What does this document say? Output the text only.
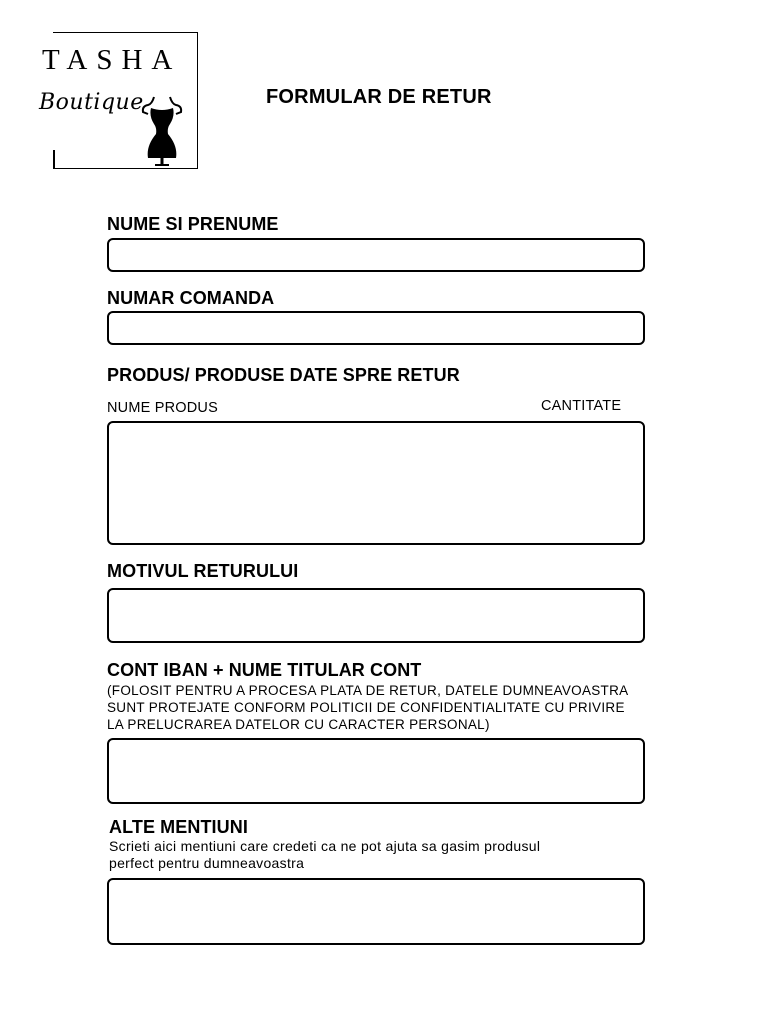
TASHA
Boutique	FORMULAR DE RETUR
NUME SI PRENUME
NUMAR COMANDA
PRODUS/ PRODUSE DATE SPRE RETUR
NUME PRODUS	CANTITATE
MOTIVUL RETURULUI
CONT IBAN + NUME TITULAR CONT
(FOLOSIT PENTRU A PROCESA PLATA DE RETUR, DATELE DUMNEAVOASTRA
SUNT PROTEJATE CONFORM POLITICII DE CONFIDENTIALITATE CU PRIVIRE
LA PRELUCRAREA DATELOR CU CARACTER PERSONAL)
ALTE MENTIUNI
Scrieti aici mentiuni care credeti ca ne pot ajuta sa gasim produsul
perfect pentru dumneavoastra
